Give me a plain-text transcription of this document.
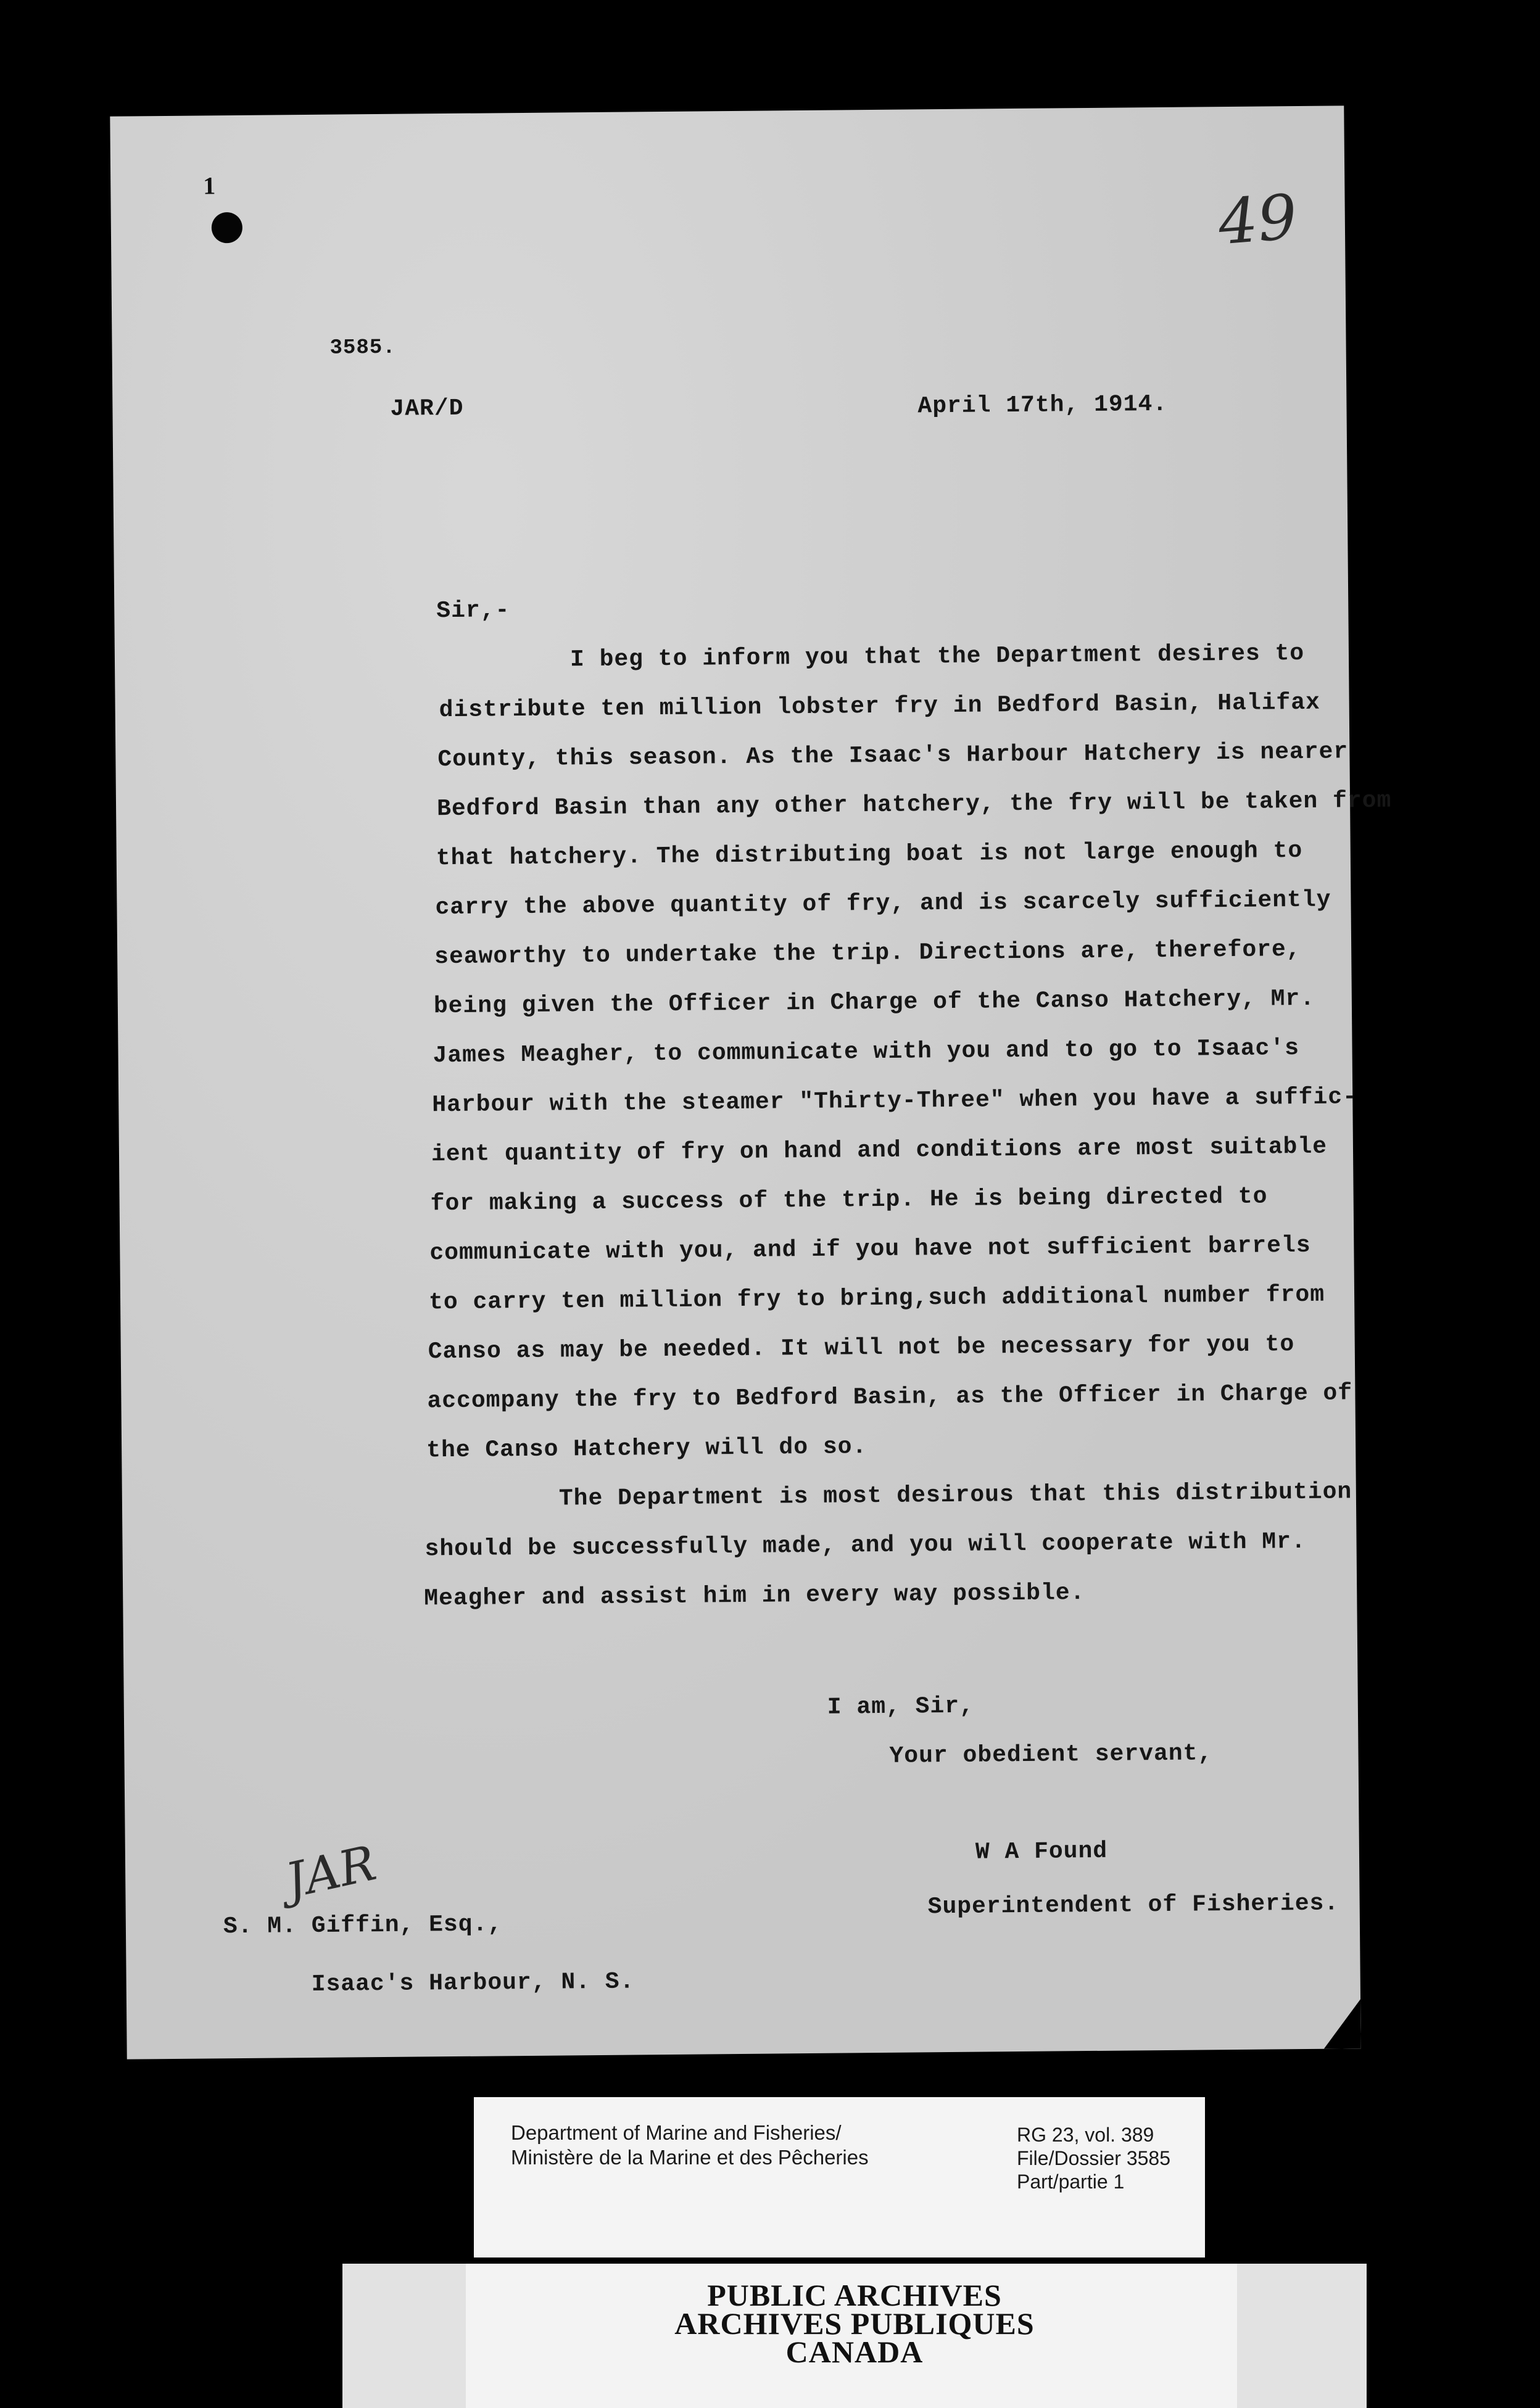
1	49
3585.
JAR/D	April 17th, 1914.
Sir,-
I beg to inform you that the Department desires to
distribute ten million lobster fry in Bedford Basin, Halifax
County, this season. As the Isaac's Harbour Hatchery is nearer
Bedford Basin than any other hatchery, the fry will be taken from
that hatchery. The distributing boat is not large enough to
carry the above quantity of fry, and is scarcely sufficiently
seaworthy to undertake the trip. Directions are, therefore,
being given the Officer in Charge of the Canso Hatchery, Mr.
James Meagher, to communicate with you and to go to Isaac's
Harbour with the steamer "Thirty-Three" when you have a suffic-
ient quantity of fry on hand and conditions are most suitable
for making a success of the trip. He is being directed to
communicate with you, and if you have not sufficient barrels
to carry ten million fry to bring,such additional number from
Canso as may be needed. It will not be necessary for you to
accompany the fry to Bedford Basin, as the Officer in Charge of
the Canso Hatchery will do so.
The Department is most desirous that this distribution
should be successfully made, and you will cooperate with Mr.
Meagher and assist him in every way possible.
I am, Sir,
Your obedient servant,
W A Found
Superintendent of Fisheries.
JAR
S. M. Giffin, Esq.,
Isaac's Harbour, N. S.
Department of Marine and Fisheries/
Ministère de la Marine et des Pêcheries
RG 23, vol. 389
File/Dossier 3585
Part/partie 1
PUBLIC ARCHIVES
ARCHIVES PUBLIQUES
CANADA
